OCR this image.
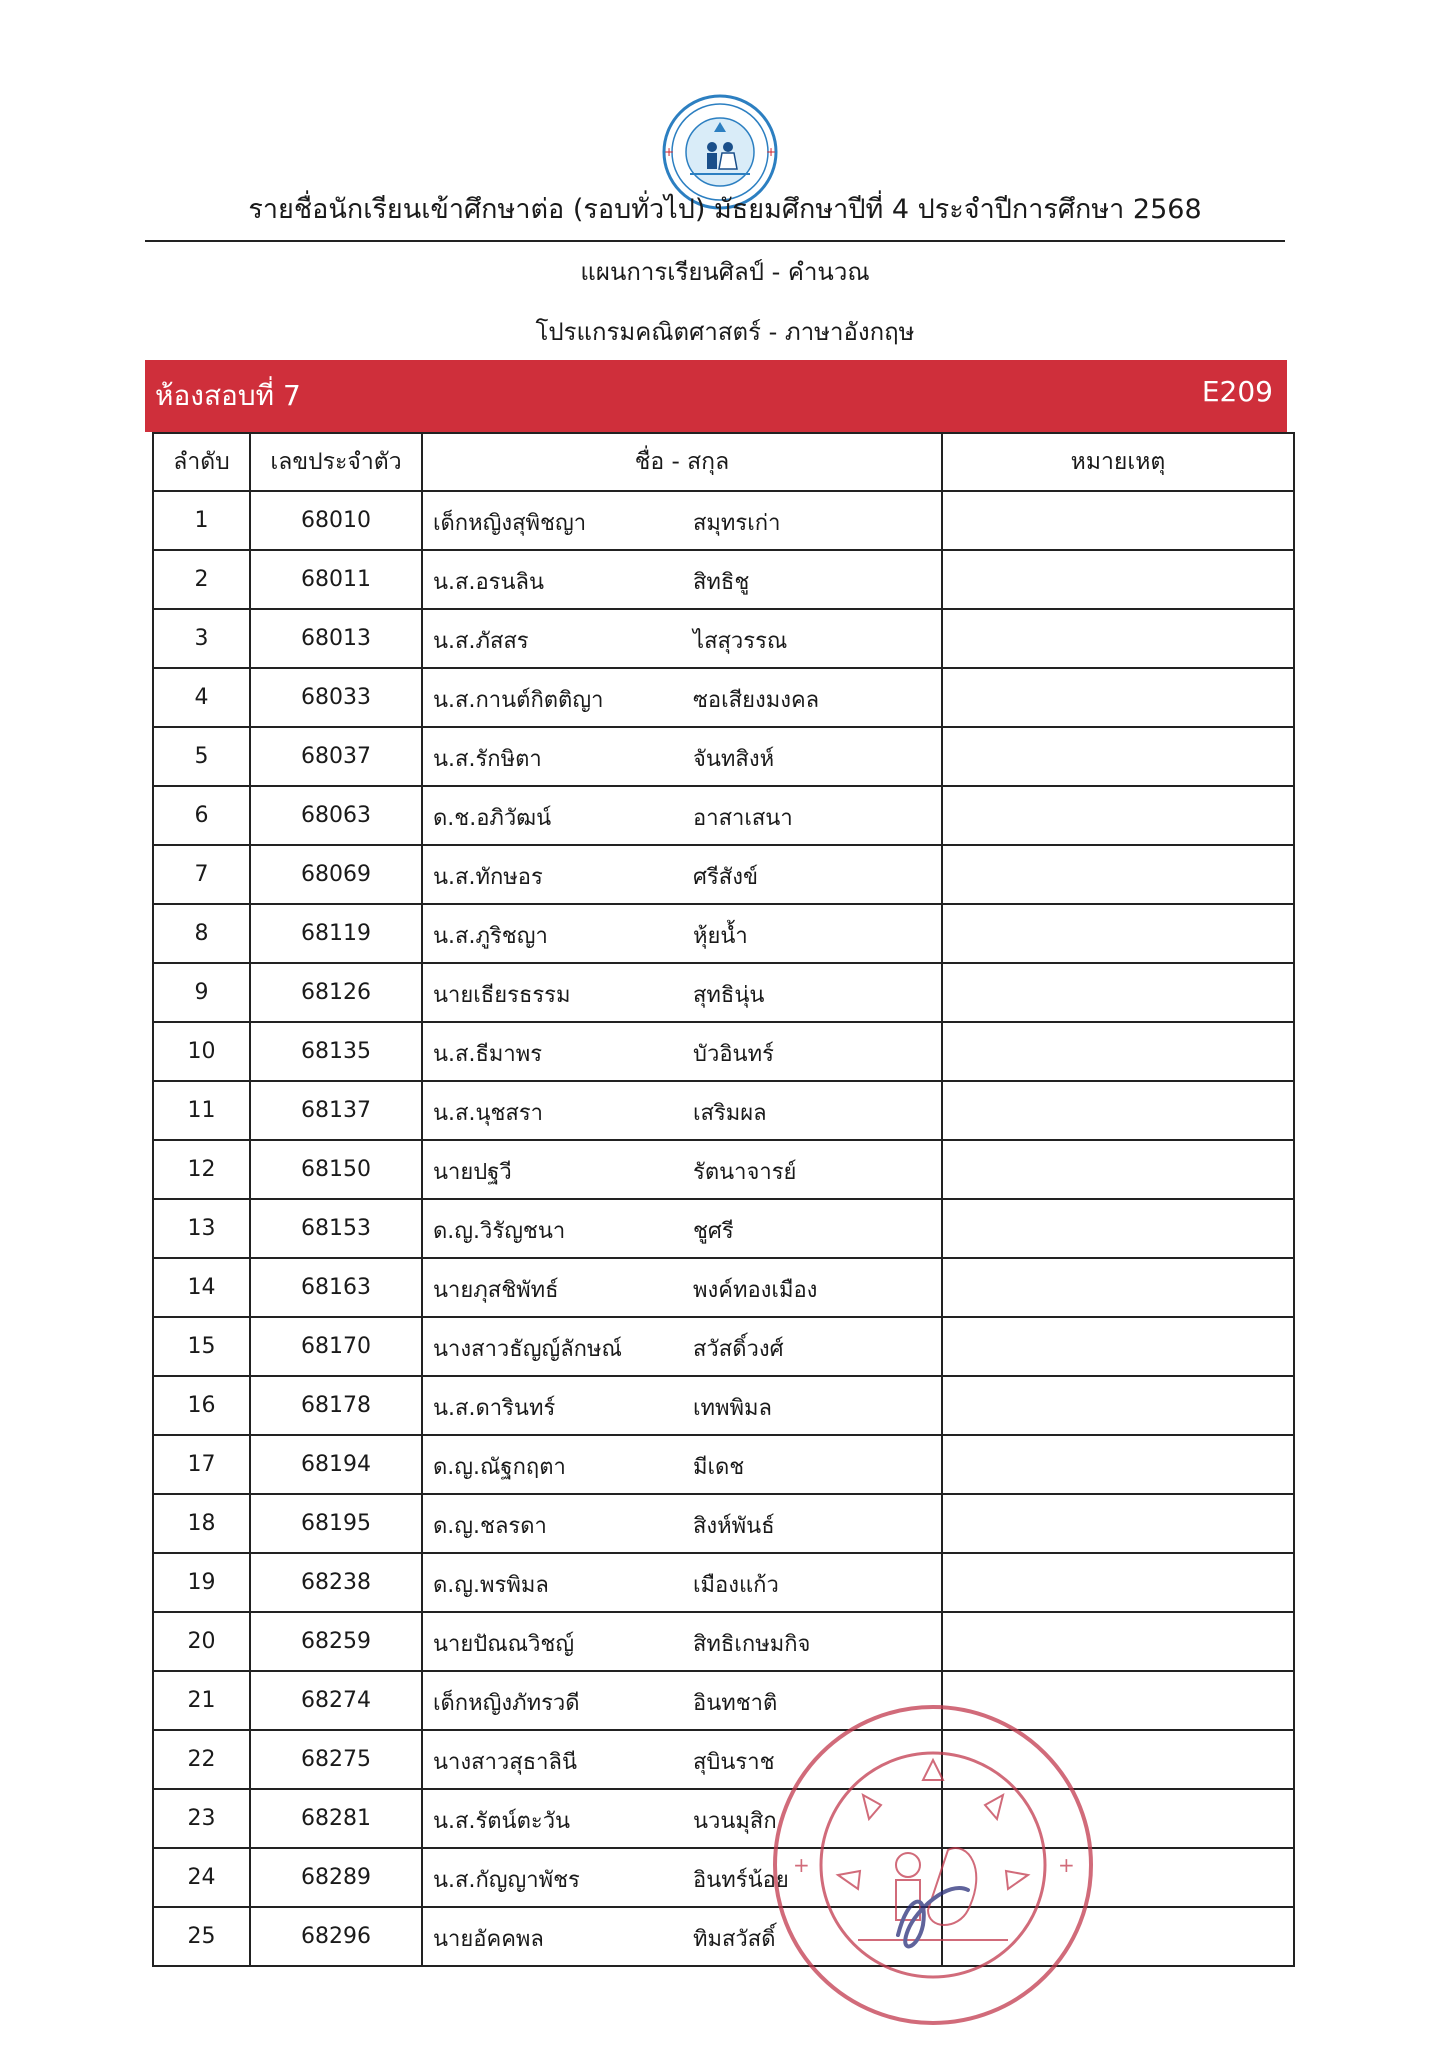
+	+
รายชื่อนักเรียนเข้าศึกษาต่อ (รอบทั่วไป) มัธยมศึกษาปีที่ 4 ประจำปีการศึกษา 2568
แผนการเรียนศิลป์ - คำนวณ
โปรแกรมคณิตศาสตร์ - ภาษาอังกฤษ
ห้องสอบที่ 7	E209
ลำดับ	เลขประจำตัว	ชื่อ - สกุล	หมายเหตุ
1	68010	เด็กหญิงสุพิชญา สมุทรเก่า	

2	68011	น.ส.อรนลิน สิทธิชู	

3	68013	น.ส.ภัสสร ไสสุวรรณ	

4	68033	น.ส.กานต์กิตติญา ซอเสียงมงคล	

5	68037	น.ส.รักษิตา จันทสิงห์	

6	68063	ด.ช.อภิวัฒน์ อาสาเสนา	

7	68069	น.ส.ทักษอร ศรีสังข์	

8	68119	น.ส.ภูริชญา หุ้ยน้ำ	

9	68126	นายเธียรธรรม สุทธินุ่น	

10	68135	น.ส.ธีมาพร บัวอินทร์	

11	68137	น.ส.นุชสรา เสริมผล	

12	68150	นายปฐวี รัตนาจารย์	

13	68153	ด.ญ.วิรัญชนา ชูศรี	

14	68163	นายภุสชิพัทธ์ พงค์ทองเมือง	

15	68170	นางสาวธัญญ์ลักษณ์ สวัสดิ์วงศ์	

16	68178	น.ส.ดารินทร์ เทพพิมล	

17	68194	ด.ญ.ณัฐกฤตา มีเดช	

18	68195	ด.ญ.ชลรดา สิงห์พันธ์	

19	68238	ด.ญ.พรพิมล เมืองแก้ว	

20	68259	นายปัณณวิชญ์ สิทธิเกษมกิจ	

21	68274	เด็กหญิงภัทรวดี อินทชาติ	

22	68275	นางสาวสุธาลินี สุบินราช	

23	68281	น.ส.รัตน์ตะวัน นวนมุสิก	

24	68289	น.ส.กัญญาพัชร อินทร์น้อย	

25	68296	นายอัคคพล ทิมสวัสดิ์	

+	+
